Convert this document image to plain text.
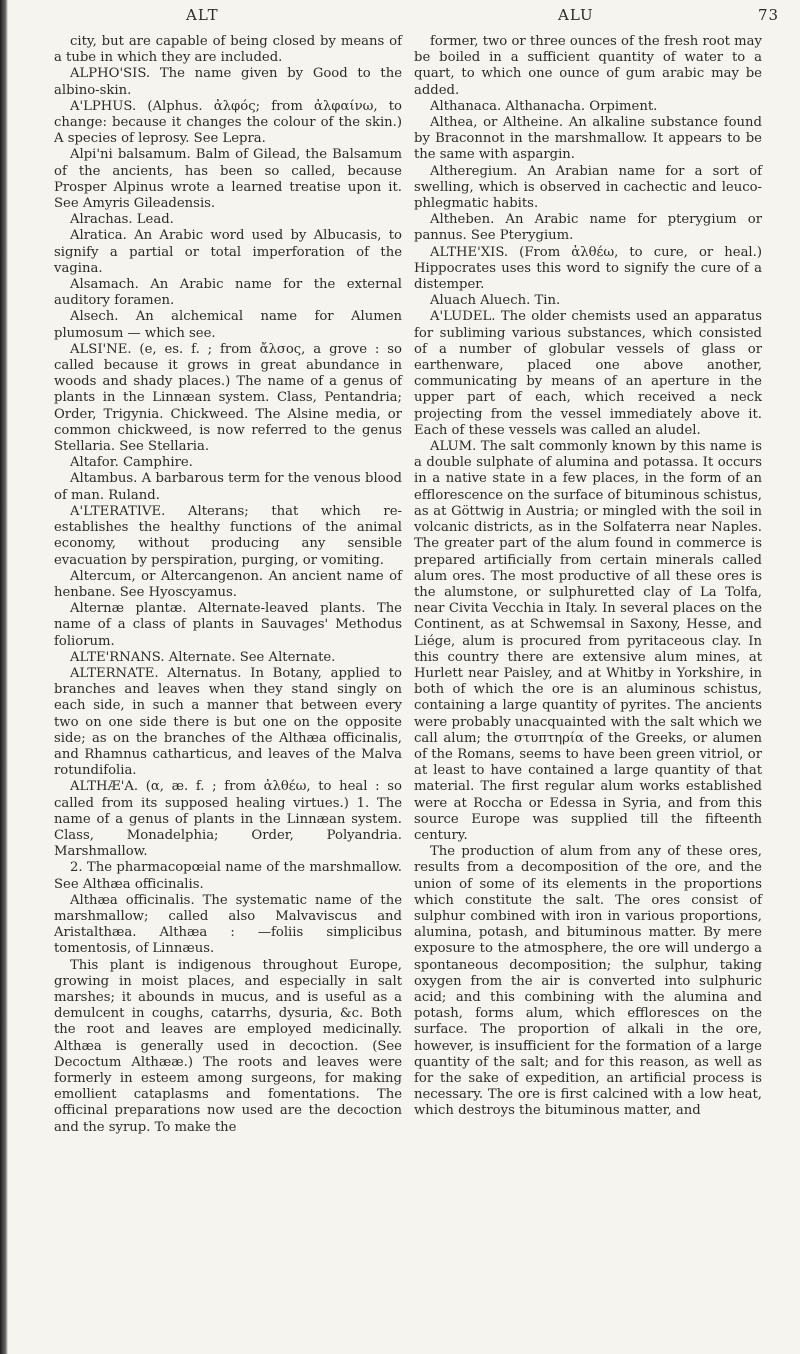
ALT	ALU	73

city, but are capable of being closed by means of a tube in which they are included.

ALPHO'SIS. The name given by Good to the albino-skin.

A'LPHUS. (Alphus. ἀλφός; from ἀλφαίνω, to change: because it changes the colour of the skin.) A species of leprosy. See Lepra.

Alpi'ni balsamum. Balm of Gilead, the Balsamum of the ancients, has been so called, because Prosper Alpinus wrote a learned treatise upon it. See Amyris Gileadensis.

Alrachas. Lead.

Alratica. An Arabic word used by Albucasis, to signify a partial or total imperforation of the vagina.

Alsamach. An Arabic name for the external auditory foramen.

Alsech. An alchemical name for Alumen plumosum — which see.

ALSI'NE. (e, es. f. ; from ἄλσος, a grove : so called because it grows in great abundance in woods and shady places.) The name of a genus of plants in the Linnæan system. Class, Pentandria; Order, Trigynia. Chickweed. The Alsine media, or common chickweed, is now referred to the genus Stellaria. See Stellaria.

Altafor. Camphire.

Altambus. A barbarous term for the venous blood of man. Ruland.

A'LTERATIVE. Alterans; that which re-establishes the healthy functions of the animal economy, without producing any sensible evacuation by perspiration, purging, or vomiting.

Altercum, or Altercangenon. An ancient name of henbane. See Hyoscyamus.

Alternæ plantæ. Alternate-leaved plants. The name of a class of plants in Sauvages' Methodus foliorum.

ALTE'RNANS. Alternate. See Alternate.

ALTERNATE. Alternatus. In Botany, applied to branches and leaves when they stand singly on each side, in such a manner that between every two on one side there is but one on the opposite side; as on the branches of the Althæa officinalis, and Rhamnus catharticus, and leaves of the Malva rotundifolia.

ALTHÆ'A. (α, æ. f. ; from ἀλθέω, to heal : so called from its supposed healing virtues.) 1. The name of a genus of plants in the Linnæan system. Class, Monadelphia; Order, Polyandria. Marshmallow.

2. The pharmacopœial name of the marshmallow. See Althæa officinalis.

Althæa officinalis. The systematic name of the marshmallow; called also Malvaviscus and Aristalthæa. Althæa : —foliis simplicibus tomentosis, of Linnæus.

This plant is indigenous throughout Europe, growing in moist places, and especially in salt marshes; it abounds in mucus, and is useful as a demulcent in coughs, catarrhs, dysuria, &c. Both the root and leaves are employed medicinally. Althæa is generally used in decoction. (See Decoctum Althææ.) The roots and leaves were formerly in esteem among surgeons, for making emollient cataplasms and fomentations. The officinal preparations now used are the decoction and the syrup. To make the

former, two or three ounces of the fresh root may be boiled in a sufficient quantity of water to a quart, to which one ounce of gum arabic may be added.

Althanaca. Althanacha. Orpiment.

Althea, or Altheine. An alkaline substance found by Braconnot in the marshmallow. It appears to be the same with aspargin.

Altheregium. An Arabian name for a sort of swelling, which is observed in cachectic and leuco-phlegmatic habits.

Altheben. An Arabic name for pterygium or pannus. See Pterygium.

ALTHE'XIS. (From ἀλθέω, to cure, or heal.) Hippocrates uses this word to signify the cure of a distemper.

Aluach Aluech. Tin.

A'LUDEL. The older chemists used an apparatus for subliming various substances, which consisted of a number of globular vessels of glass or earthenware, placed one above another, communicating by means of an aperture in the upper part of each, which received a neck projecting from the vessel immediately above it. Each of these vessels was called an aludel.

ALUM. The salt commonly known by this name is a double sulphate of alumina and potassa. It occurs in a native state in a few places, in the form of an efflorescence on the surface of bituminous schistus, as at Göttwig in Austria; or mingled with the soil in volcanic districts, as in the Solfaterra near Naples. The greater part of the alum found in commerce is prepared artificially from certain minerals called alum ores. The most productive of all these ores is the alumstone, or sulphuretted clay of La Tolfa, near Civita Vecchia in Italy. In several places on the Continent, as at Schwemsal in Saxony, Hesse, and Liége, alum is procured from pyritaceous clay. In this country there are extensive alum mines, at Hurlett near Paisley, and at Whitby in Yorkshire, in both of which the ore is an aluminous schistus, containing a large quantity of pyrites. The ancients were probably unacquainted with the salt which we call alum; the στυπτηρία of the Greeks, or alumen of the Romans, seems to have been green vitriol, or at least to have contained a large quantity of that material. The first regular alum works established were at Roccha or Edessa in Syria, and from this source Europe was supplied till the fifteenth century.

The production of alum from any of these ores, results from a decomposition of the ore, and the union of some of its elements in the proportions which constitute the salt. The ores consist of sulphur combined with iron in various proportions, alumina, potash, and bituminous matter. By mere exposure to the atmosphere, the ore will undergo a spontaneous decomposition; the sulphur, taking oxygen from the air is converted into sulphuric acid; and this combining with the alumina and potash, forms alum, which effloresces on the surface. The proportion of alkali in the ore, however, is insufficient for the formation of a large quantity of the salt; and for this reason, as well as for the sake of expedition, an artificial process is necessary. The ore is first calcined with a low heat, which destroys the bituminous matter, and
